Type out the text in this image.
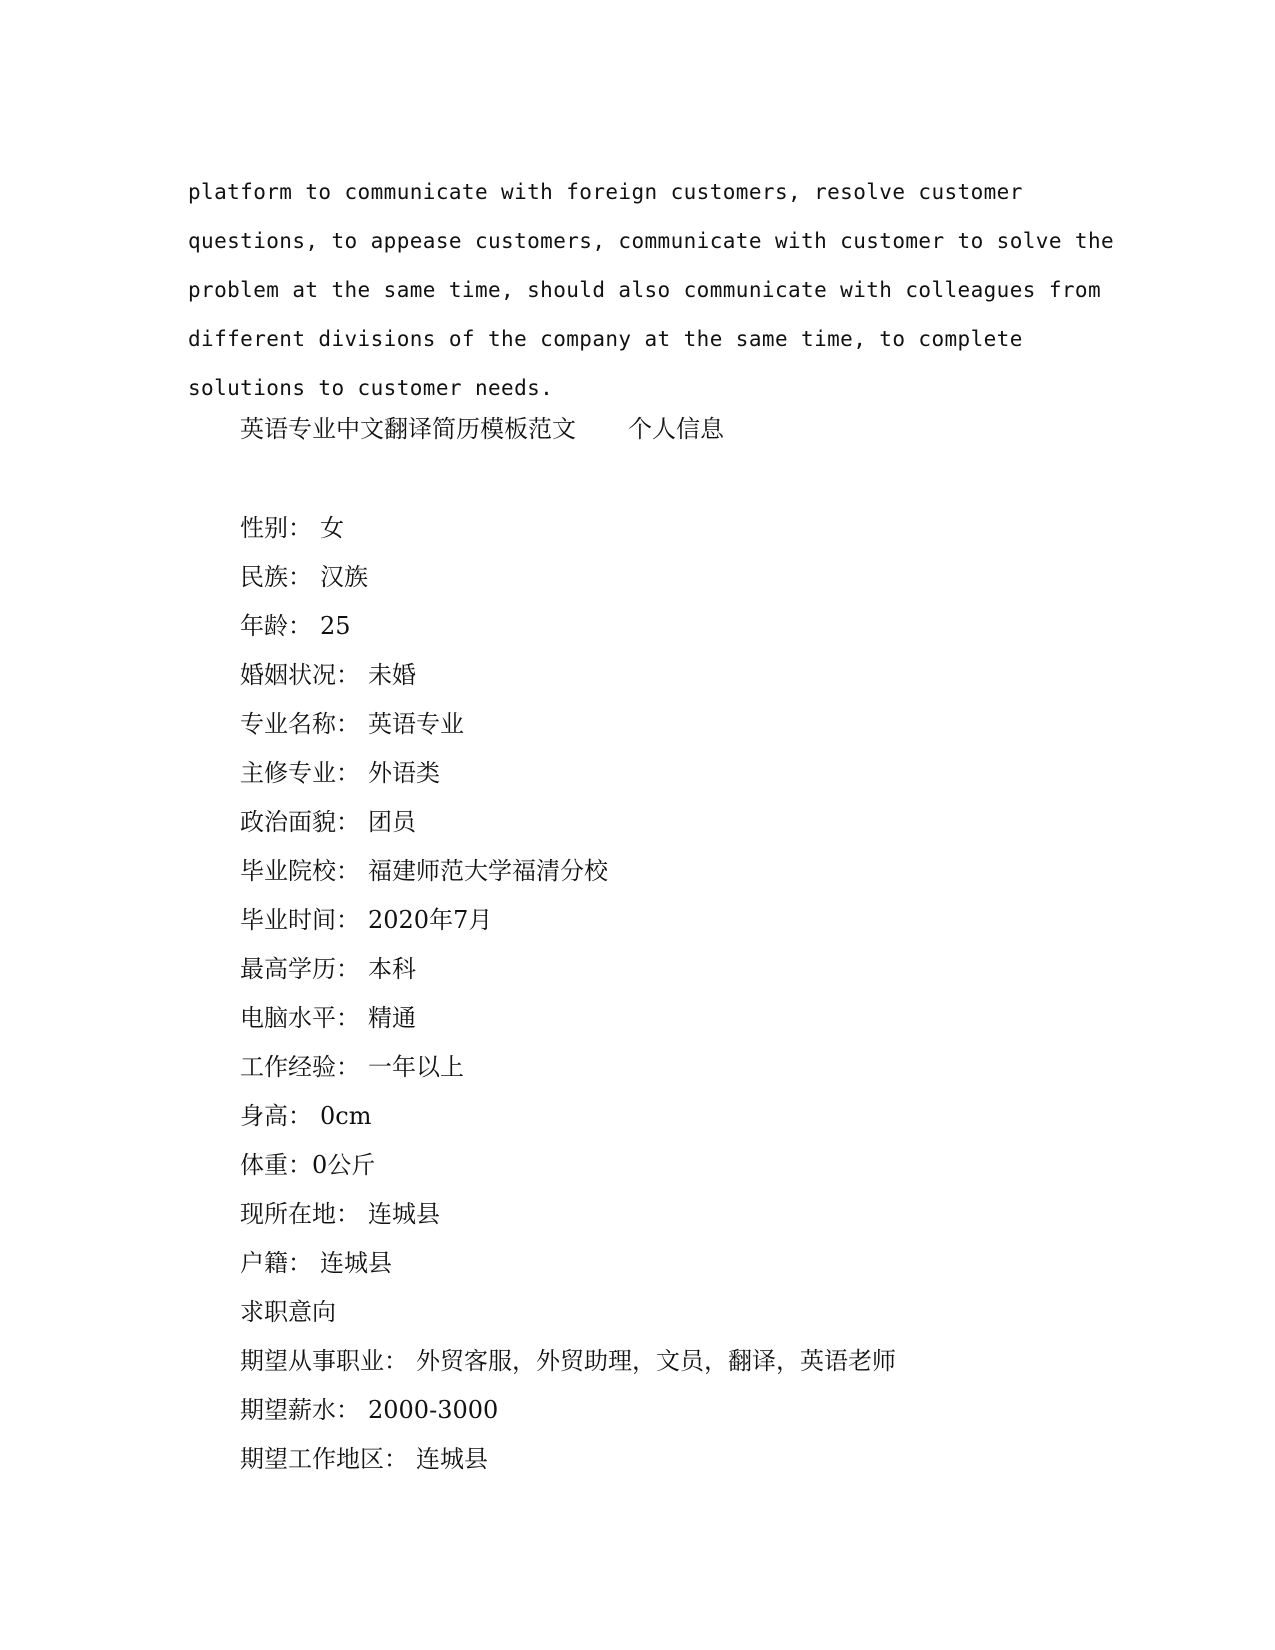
platform to communicate with foreign customers, resolve customer
questions, to appease customers, communicate with customer to solve the
problem at the same time, should also communicate with colleagues from
different divisions of the company at the same time, to complete
solutions to customer needs.
英语专业中文翻译简历模板范文 个人信息
性别： 女
民族： 汉族
年龄： 25
婚姻状况： 未婚
专业名称： 英语专业
主修专业： 外语类
政治面貌： 团员
毕业院校： 福建师范大学福清分校
毕业时间： 2020年7月
最高学历： 本科
电脑水平： 精通
工作经验： 一年以上
身高： 0cm
体重：0公斤
现所在地： 连城县
户籍： 连城县
求职意向
期望从事职业： 外贸客服，外贸助理，文员，翻译，英语老师
期望薪水： 2000-3000
期望工作地区： 连城县
